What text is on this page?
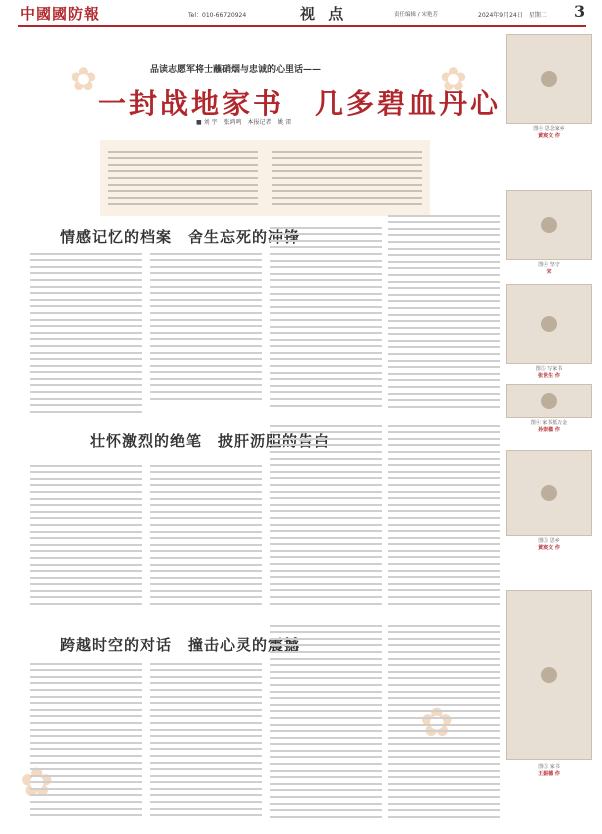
中國國防報	Tel：010-66720924	视 点	责任编辑 / 宋艳芳	2024年9月24日　星期二 3
✿	✿
✿
✿
品读志愿军将士蘸硝烟与忠诚的心里话——
一封战地家书　几多碧血丹心
■ 刘 宇　张鸿鸣　本报记者　姚 雷
情感记忆的档案　舍生忘死的冲锋
壮怀激烈的绝笔　披肝沥胆的告白
跨越时空的对话　撞击心灵的震撼
图④ 思念家乡
黄宸文 作
图④ 坚守
宋
图⑤ 写家书
张世生 作
图④ 家书抵万金
孙崇楹 作
图⑤ 思乡
黄宸文 作
图⑤ 家书
王振德 作
